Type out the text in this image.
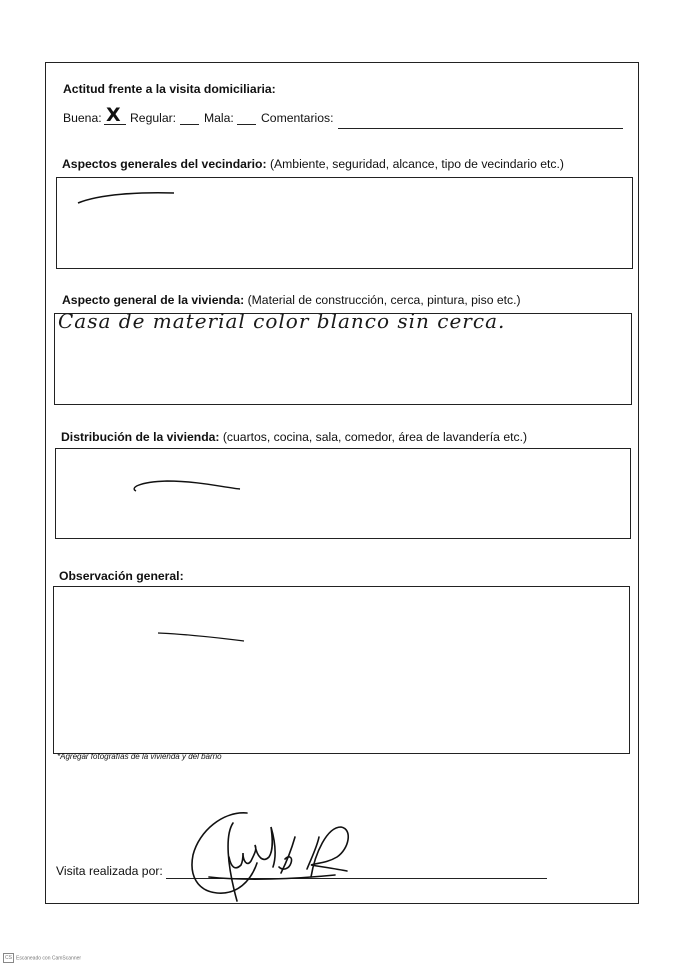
Actitud frente a la visita domiciliaria:
Buena: X Regular: Mala: Comentarios:
Aspectos generales del vecindario: (Ambiente, seguridad, alcance, tipo de vecindario etc.)
Aspecto general de la vivienda: (Material de construcción, cerca, pintura, piso etc.)
Casa de material color blanco sin cerca.
Distribución de la vivienda: (cuartos, cocina, sala, comedor, área de lavandería etc.)
Observación general:
*Agregar fotografías de la vivienda y del barrio
Visita realizada por:
CS Escaneado con CamScanner
